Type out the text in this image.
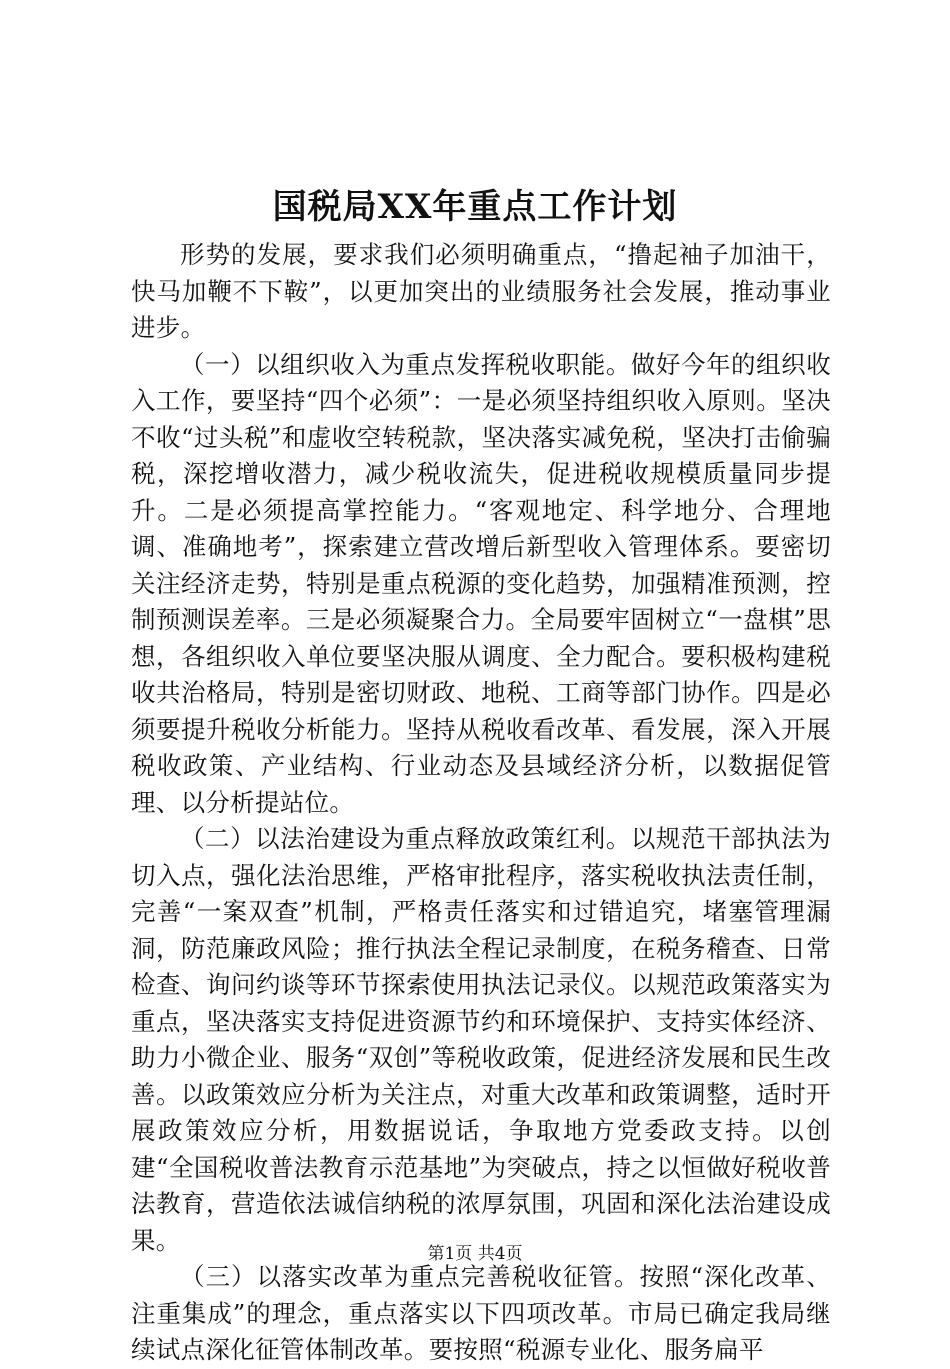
国税局XX年重点工作计划

形势的发展，要求我们必须明确重点，“撸起袖子加油干，快马加鞭不下鞍”，以更加突出的业绩服务社会发展，推动事业进步。

（一）以组织收入为重点发挥税收职能。做好今年的组织收入工作，要坚持“四个必须”：一是必须坚持组织收入原则。坚决不收“过头税”和虚收空转税款，坚决落实减免税，坚决打击偷骗税，深挖增收潜力，减少税收流失，促进税收规模质量同步提升。二是必须提高掌控能力。“客观地定、科学地分、合理地调、准确地考”，探索建立营改增后新型收入管理体系。要密切关注经济走势，特别是重点税源的变化趋势，加强精准预测，控制预测误差率。三是必须凝聚合力。全局要牢固树立“一盘棋”思想，各组织收入单位要坚决服从调度、全力配合。要积极构建税收共治格局，特别是密切财政、地税、工商等部门协作。四是必须要提升税收分析能力。坚持从税收看改革、看发展，深入开展税收政策、产业结构、行业动态及县域经济分析，以数据促管理、以分析提站位。

（二）以法治建设为重点释放政策红利。以规范干部执法为切入点，强化法治思维，严格审批程序，落实税收执法责任制，完善“一案双查”机制，严格责任落实和过错追究，堵塞管理漏洞，防范廉政风险；推行执法全程记录制度，在税务稽查、日常检查、询问约谈等环节探索使用执法记录仪。以规范政策落实为重点，坚决落实支持促进资源节约和环境保护、支持实体经济、助力小微企业、服务“双创”等税收政策，促进经济发展和民生改善。以政策效应分析为关注点，对重大改革和政策调整，适时开展政策效应分析，用数据说话，争取地方党委政支持。以创建“全国税收普法教育示范基地”为突破点，持之以恒做好税收普法教育，营造依法诚信纳税的浓厚氛围，巩固和深化法治建设成果。

（三）以落实改革为重点完善税收征管。按照“深化改革、注重集成”的理念，重点落实以下四项改革。市局已确定我局继续试点深化征管体制改革。要按照“税源专业化、服务扁平

第1页 共4页
